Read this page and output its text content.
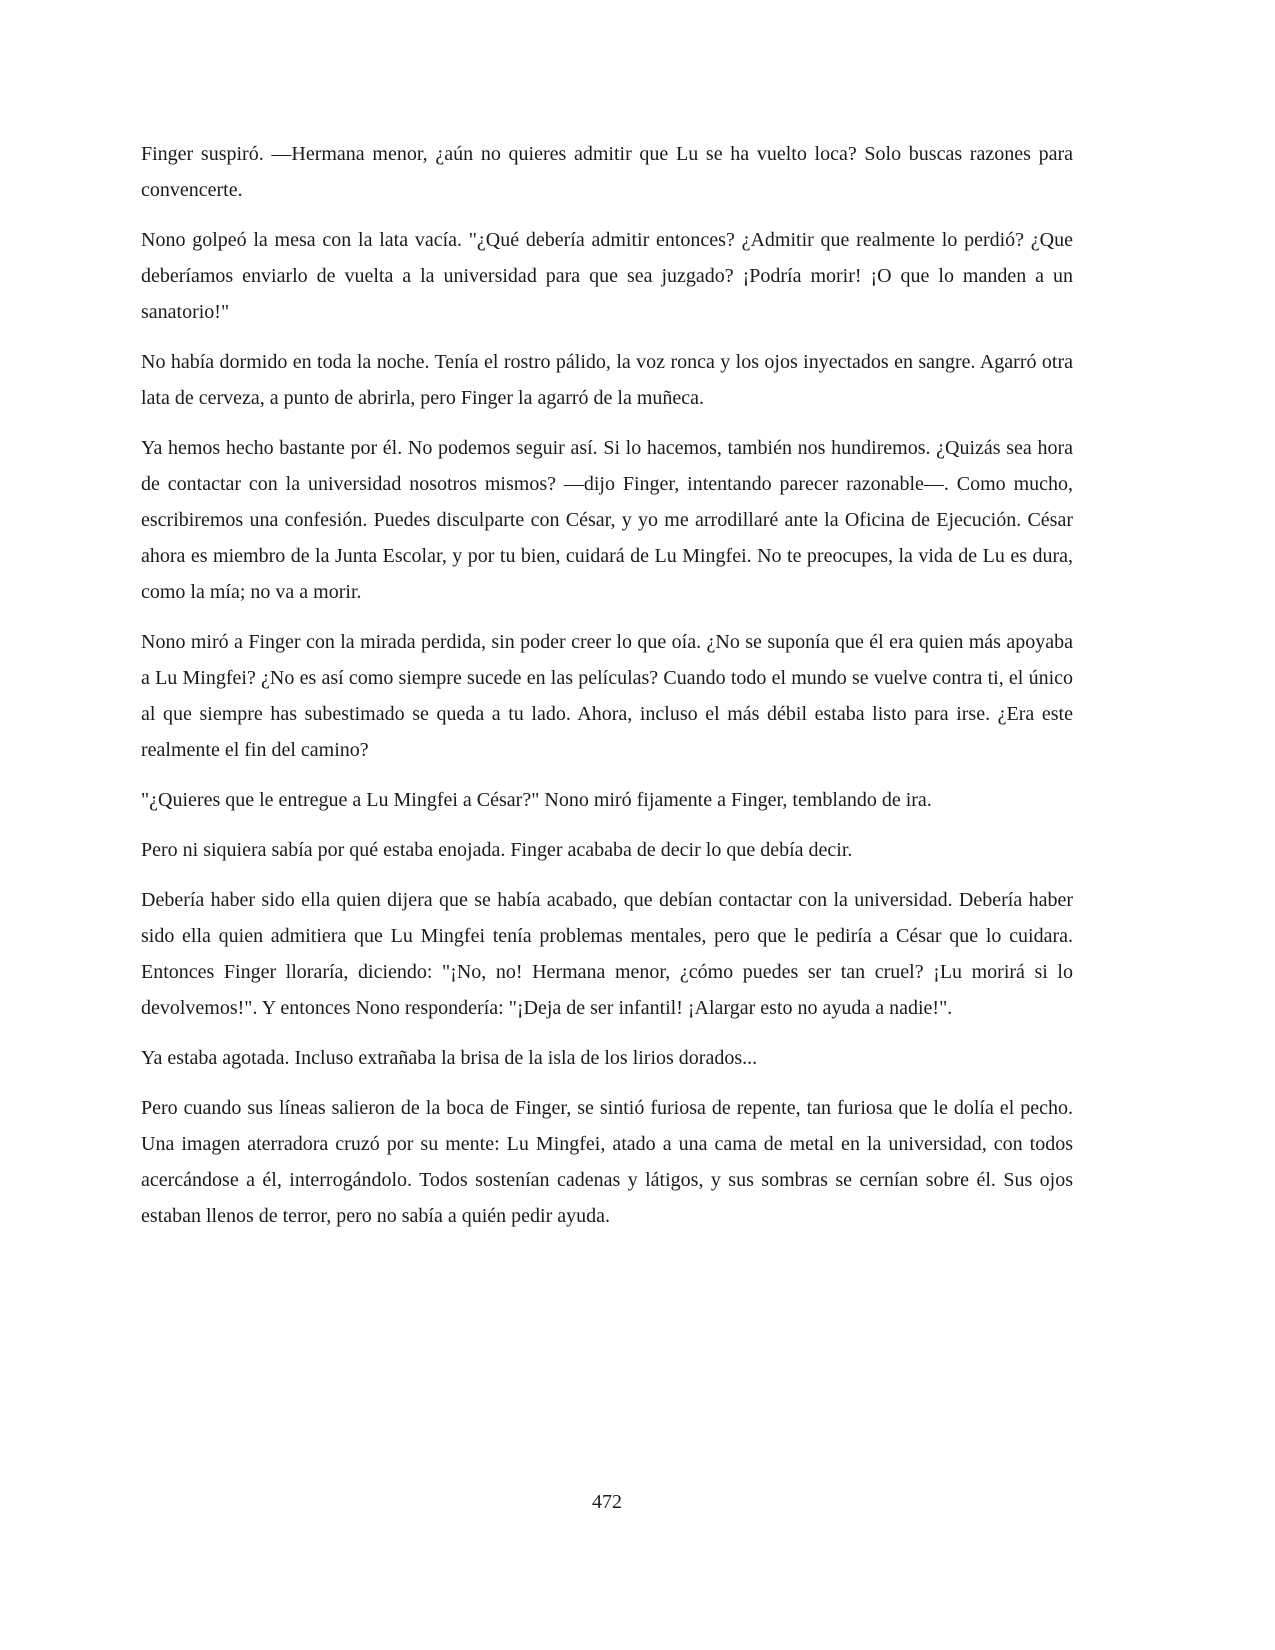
Finger suspiró. —Hermana menor, ¿aún no quieres admitir que Lu se ha vuelto loca? Solo buscas razones para convencerte.

Nono golpeó la mesa con la lata vacía. "¿Qué debería admitir entonces? ¿Admitir que realmente lo perdió? ¿Que deberíamos enviarlo de vuelta a la universidad para que sea juzgado? ¡Podría morir! ¡O que lo manden a un sanatorio!"

No había dormido en toda la noche. Tenía el rostro pálido, la voz ronca y los ojos inyectados en sangre. Agarró otra lata de cerveza, a punto de abrirla, pero Finger la agarró de la muñeca.

Ya hemos hecho bastante por él. No podemos seguir así. Si lo hacemos, también nos hundiremos. ¿Quizás sea hora de contactar con la universidad nosotros mismos? —dijo Finger, intentando parecer razonable—. Como mucho, escribiremos una confesión. Puedes disculparte con César, y yo me arrodillaré ante la Oficina de Ejecución. César ahora es miembro de la Junta Escolar, y por tu bien, cuidará de Lu Mingfei. No te preocupes, la vida de Lu es dura, como la mía; no va a morir.

Nono miró a Finger con la mirada perdida, sin poder creer lo que oía. ¿No se suponía que él era quien más apoyaba a Lu Mingfei? ¿No es así como siempre sucede en las películas? Cuando todo el mundo se vuelve contra ti, el único al que siempre has subestimado se queda a tu lado. Ahora, incluso el más débil estaba listo para irse. ¿Era este realmente el fin del camino?

"¿Quieres que le entregue a Lu Mingfei a César?" Nono miró fijamente a Finger, temblando de ira.

Pero ni siquiera sabía por qué estaba enojada. Finger acababa de decir lo que debía decir.

Debería haber sido ella quien dijera que se había acabado, que debían contactar con la universidad. Debería haber sido ella quien admitiera que Lu Mingfei tenía problemas mentales, pero que le pediría a César que lo cuidara. Entonces Finger lloraría, diciendo: "¡No, no! Hermana menor, ¿cómo puedes ser tan cruel? ¡Lu morirá si lo devolvemos!". Y entonces Nono respondería: "¡Deja de ser infantil! ¡Alargar esto no ayuda a nadie!".

Ya estaba agotada. Incluso extrañaba la brisa de la isla de los lirios dorados...

Pero cuando sus líneas salieron de la boca de Finger, se sintió furiosa de repente, tan furiosa que le dolía el pecho. Una imagen aterradora cruzó por su mente: Lu Mingfei, atado a una cama de metal en la universidad, con todos acercándose a él, interrogándolo. Todos sostenían cadenas y látigos, y sus sombras se cernían sobre él. Sus ojos estaban llenos de terror, pero no sabía a quién pedir ayuda.

472
